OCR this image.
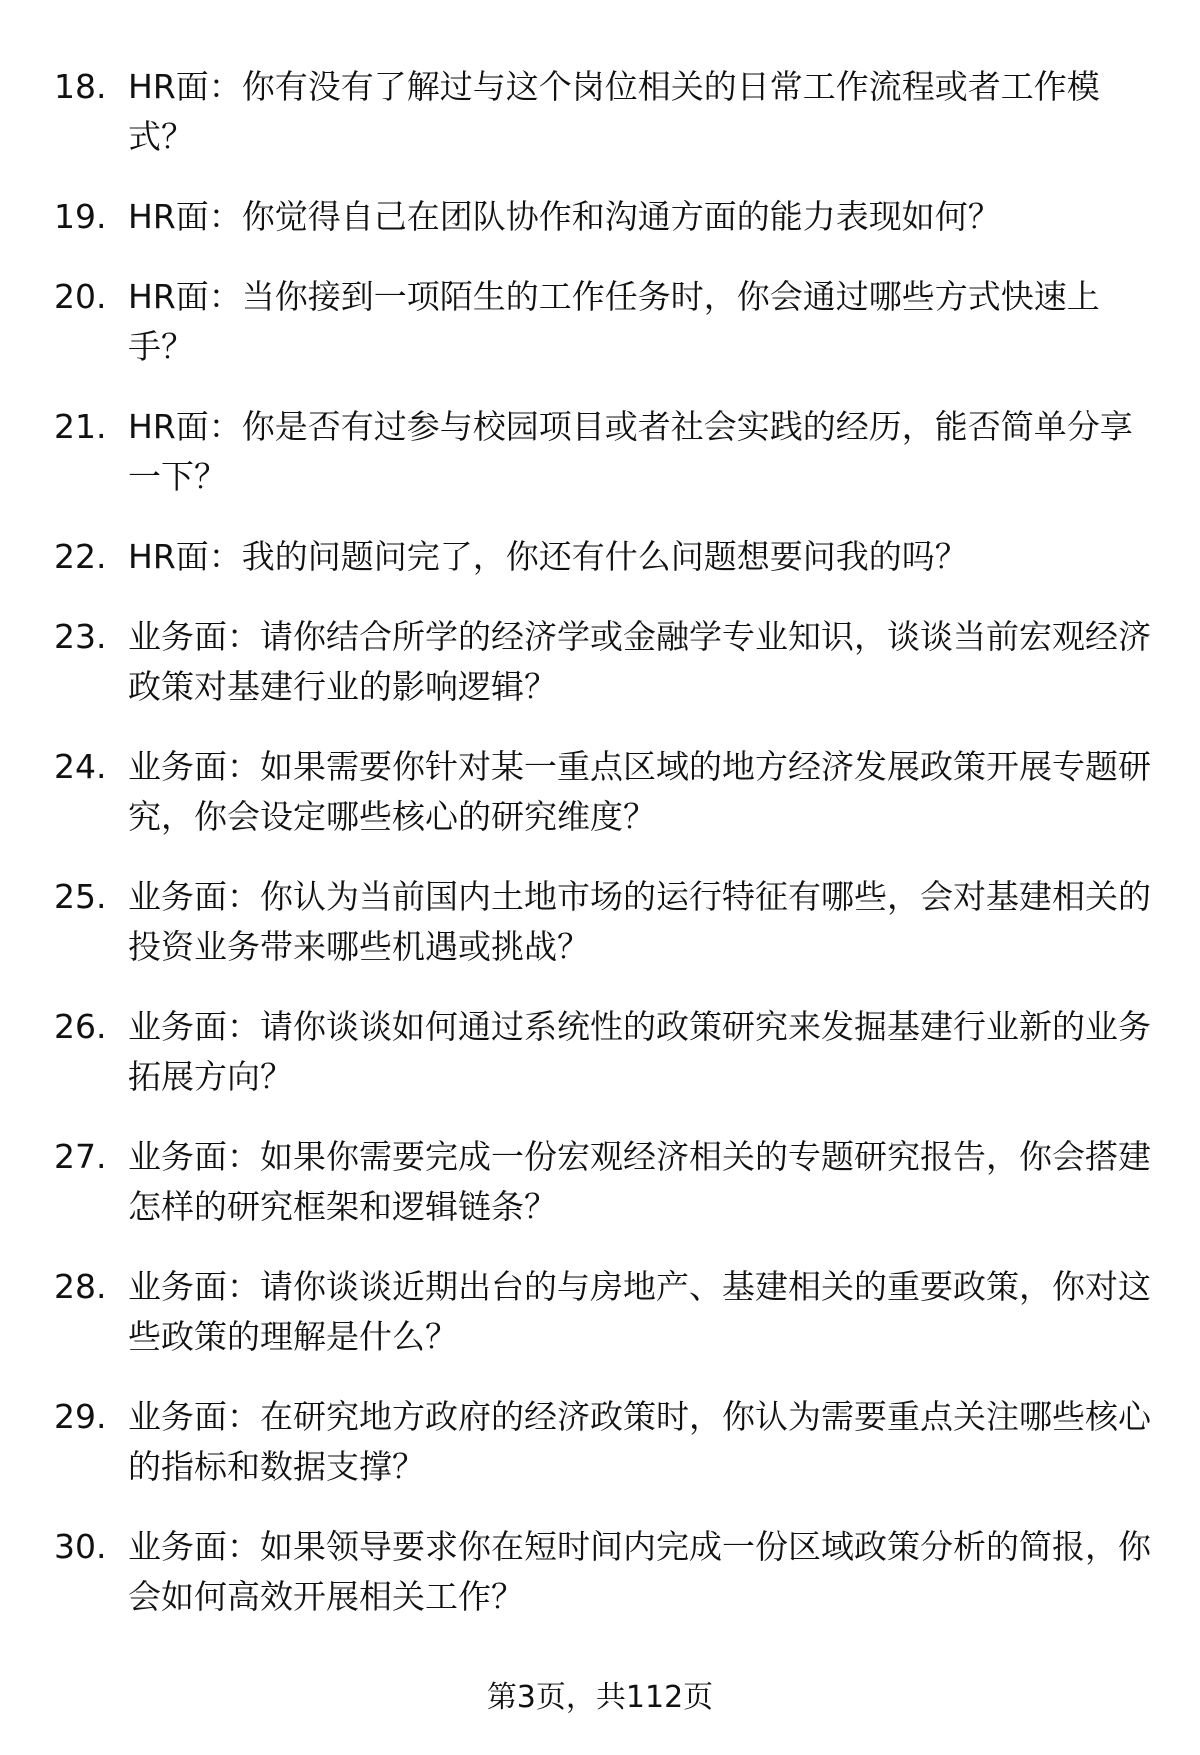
18. HR面：你有没有了解过与这个岗位相关的日常工作流程或者工作模式？
19. HR面：你觉得自己在团队协作和沟通方面的能力表现如何？
20. HR面：当你接到一项陌生的工作任务时，你会通过哪些方式快速上手？
21. HR面：你是否有过参与校园项目或者社会实践的经历，能否简单分享一下？
22. HR面：我的问题问完了，你还有什么问题想要问我的吗？
23. 业务面：请你结合所学的经济学或金融学专业知识，谈谈当前宏观经济政策对基建行业的影响逻辑？
24. 业务面：如果需要你针对某一重点区域的地方经济发展政策开展专题研究，你会设定哪些核心的研究维度？
25. 业务面：你认为当前国内土地市场的运行特征有哪些，会对基建相关的投资业务带来哪些机遇或挑战？
26. 业务面：请你谈谈如何通过系统性的政策研究来发掘基建行业新的业务拓展方向？
27. 业务面：如果你需要完成一份宏观经济相关的专题研究报告，你会搭建怎样的研究框架和逻辑链条？
28. 业务面：请你谈谈近期出台的与房地产、基建相关的重要政策，你对这些政策的理解是什么？
29. 业务面：在研究地方政府的经济政策时，你认为需要重点关注哪些核心的指标和数据支撑？
30. 业务面：如果领导要求你在短时间内完成一份区域政策分析的简报，你会如何高效开展相关工作？
第3页，共112页
